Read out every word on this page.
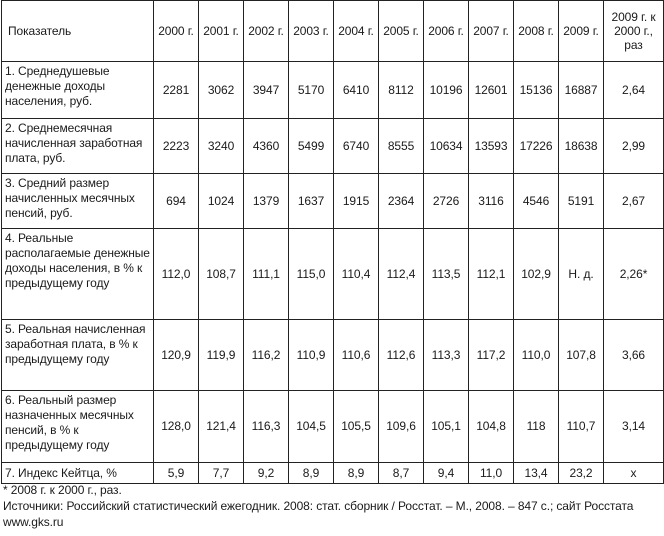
Показатель	2000 г.	2001 г.	2002 г.	2003 г.	2004 г.	2005 г.	2006 г.	2007 г.	2008 г.	2009 г.	2009 г. к 2000 г., раз
1. Среднедушевые денежные доходы населения, руб.	2281	3062	3947	5170	6410	8112	10196	12601	15136	16887	2,64
2. Среднемесячная начисленная заработная плата, руб.	2223	3240	4360	5499	6740	8555	10634	13593	17226	18638	2,99
3. Средний размер начисленных месячных пенсий, руб.	694	1024	1379	1637	1915	2364	2726	3116	4546	5191	2,67
4. Реальные располагаемые денежные доходы населения, в % к предыдущему году	112,0	108,7	111,1	115,0	110,4	112,4	113,5	112,1	102,9	Н. д.	2,26*
5. Реальная начисленная заработная плата, в % к предыдущему году	120,9	119,9	116,2	110,9	110,6	112,6	113,3	117,2	110,0	107,8	3,66
6. Реальный размер назначенных месячных пенсий, в % к предыдущему году	128,0	121,4	116,3	104,5	105,5	109,6	105,1	104,8	118	110,7	3,14
7. Индекс Кейтца, %	5,9	7,7	9,2	8,9	8,9	8,7	9,4	11,0	13,4	23,2	х
* 2008 г. к 2000 г., раз.
Источники: Российский статистический ежегодник. 2008: стат. сборник / Росстат. – М., 2008. – 847 с.; сайт Росстата www.gks.ru
